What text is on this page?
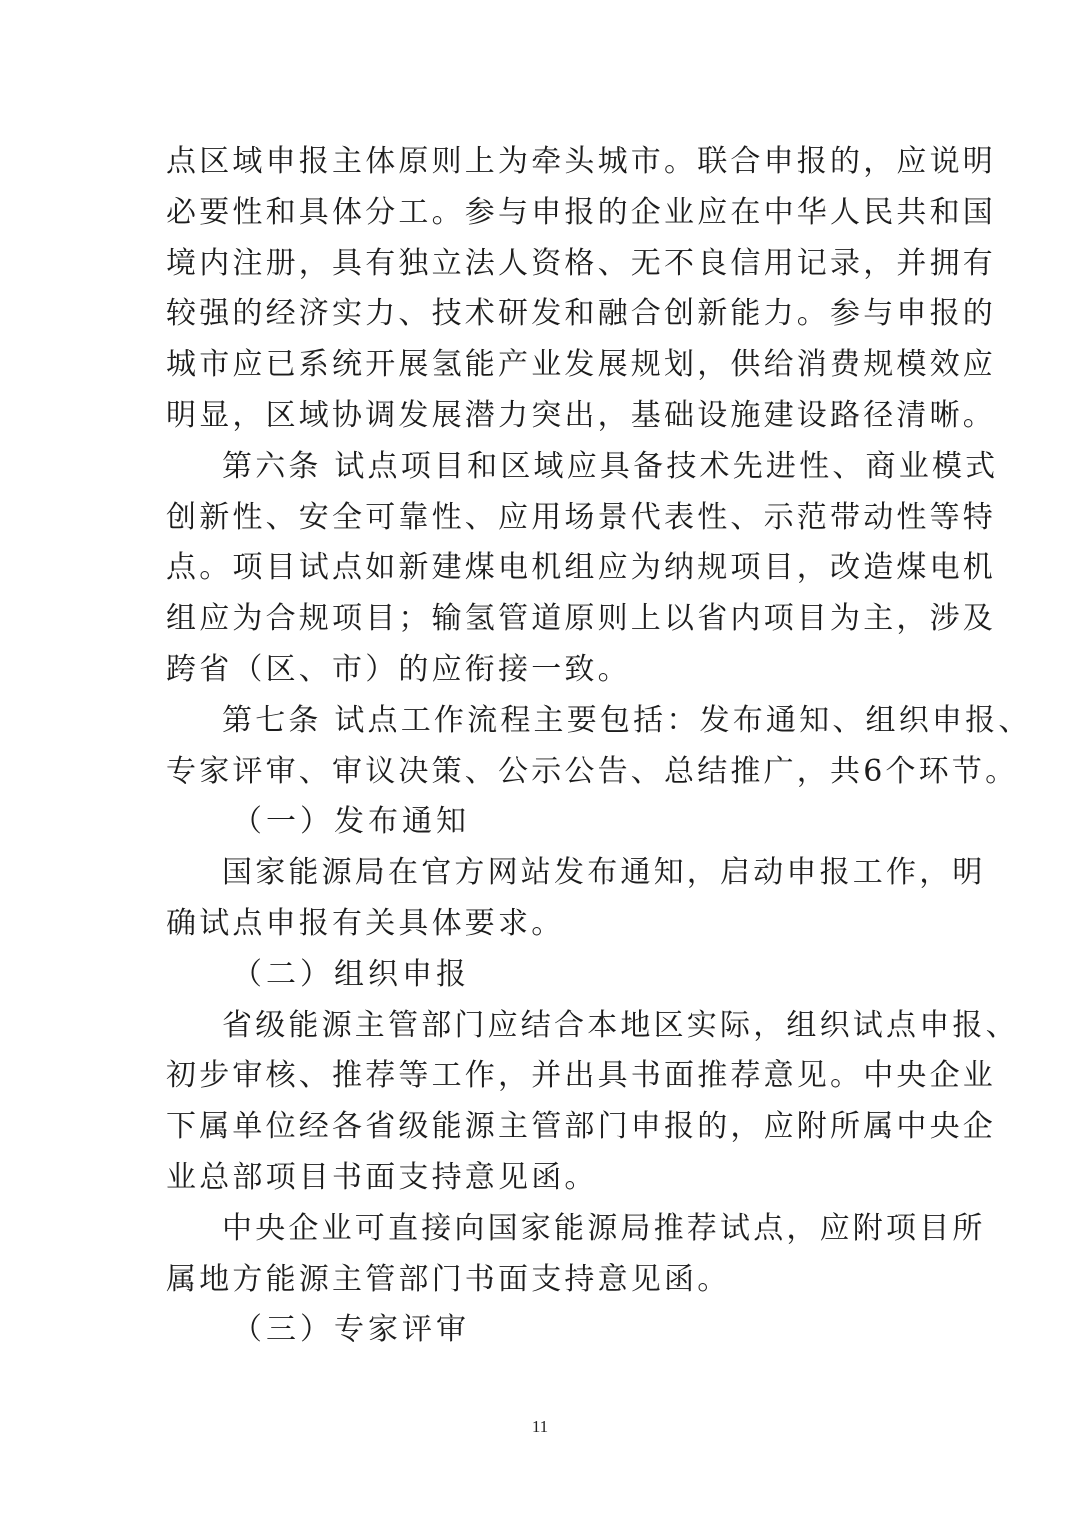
点区域申报主体原则上为牵头城市。联合申报的，应说明
必要性和具体分工。参与申报的企业应在中华人民共和国
境内注册，具有独立法人资格、无不良信用记录，并拥有
较强的经济实力、技术研发和融合创新能力。参与申报的
城市应已系统开展氢能产业发展规划，供给消费规模效应
明显，区域协调发展潜力突出，基础设施建设路径清晰。
第六条 试点项目和区域应具备技术先进性、商业模式
创新性、安全可靠性、应用场景代表性、示范带动性等特
点。项目试点如新建煤电机组应为纳规项目，改造煤电机
组应为合规项目；输氢管道原则上以省内项目为主，涉及
跨省（区、市）的应衔接一致。
第七条 试点工作流程主要包括：发布通知、组织申报、
专家评审、审议决策、公示公告、总结推广，共6个环节。
（一）发布通知
国家能源局在官方网站发布通知，启动申报工作，明
确试点申报有关具体要求。
（二）组织申报
省级能源主管部门应结合本地区实际，组织试点申报、
初步审核、推荐等工作，并出具书面推荐意见。中央企业
下属单位经各省级能源主管部门申报的，应附所属中央企
业总部项目书面支持意见函。
中央企业可直接向国家能源局推荐试点，应附项目所
属地方能源主管部门书面支持意见函。
（三）专家评审
11
